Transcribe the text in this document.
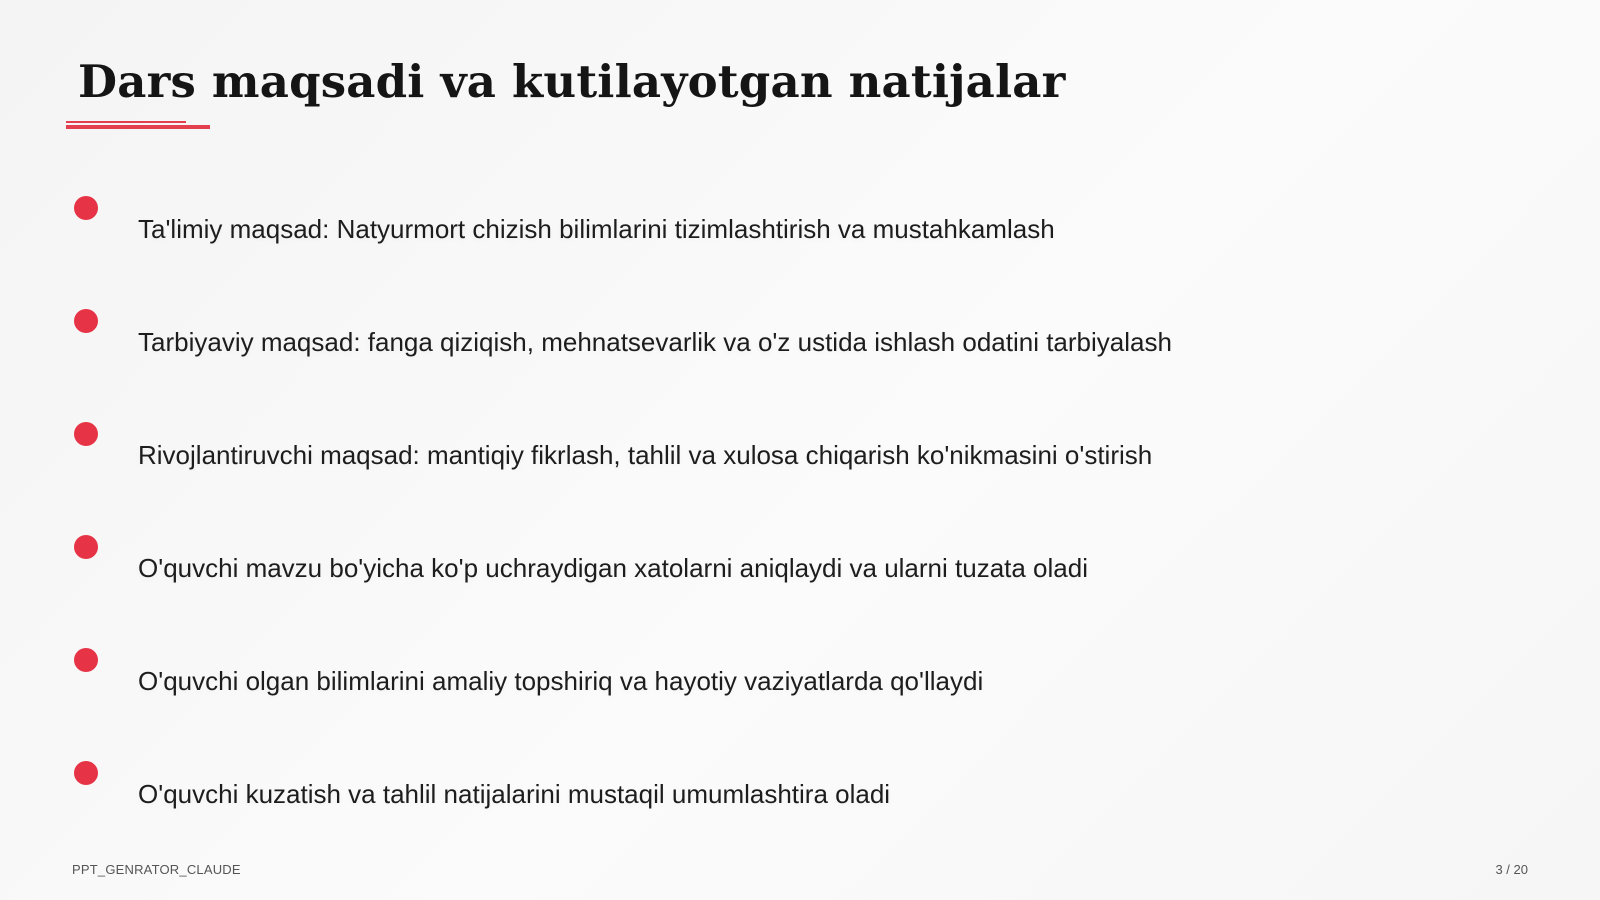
Dars maqsadi va kutilayotgan natijalar
Ta'limiy maqsad: Natyurmort chizish bilimlarini tizimlashtirish va mustahkamlash
Tarbiyaviy maqsad: fanga qiziqish, mehnatsevarlik va o'z ustida ishlash odatini tarbiyalash
Rivojlantiruvchi maqsad: mantiqiy fikrlash, tahlil va xulosa chiqarish ko'nikmasini o'stirish
O'quvchi mavzu bo'yicha ko'p uchraydigan xatolarni aniqlaydi va ularni tuzata oladi
O'quvchi olgan bilimlarini amaliy topshiriq va hayotiy vaziyatlarda qo'llaydi
O'quvchi kuzatish va tahlil natijalarini mustaqil umumlashtira oladi
PPT_GENRATOR_CLAUDE	3 / 20
